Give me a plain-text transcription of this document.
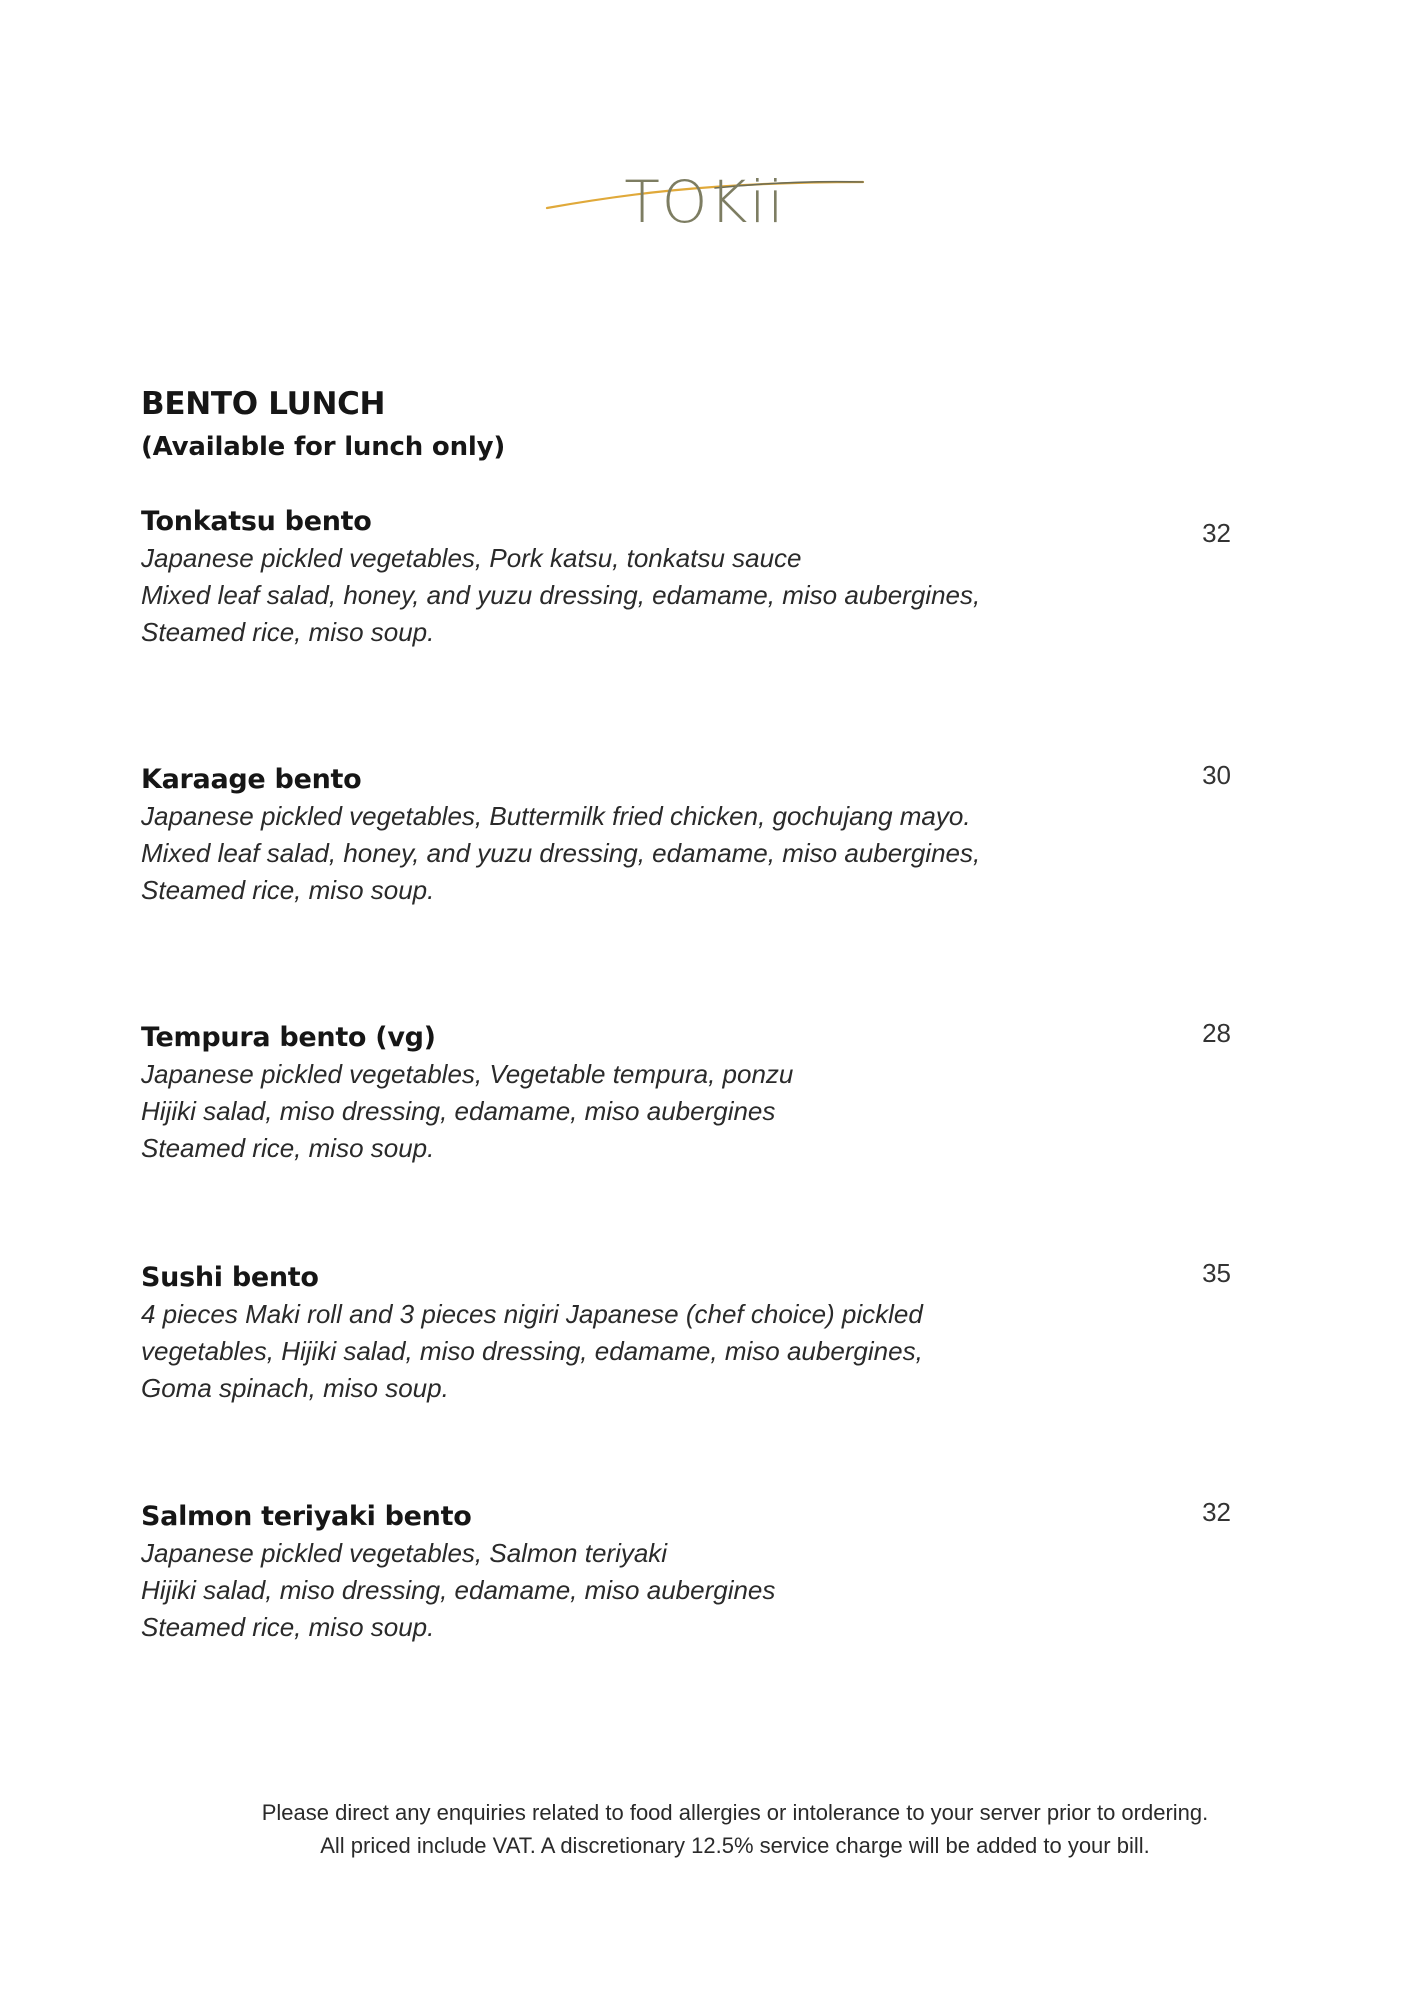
TOKii
BENTO LUNCH
(Available for lunch only)
Tonkatsu bento	32
Japanese pickled vegetables, Pork katsu, tonkatsu sauce
Mixed leaf salad, honey, and yuzu dressing, edamame, miso aubergines,
Steamed rice, miso soup.
Karaage bento	30
Japanese pickled vegetables, Buttermilk fried chicken, gochujang mayo.
Mixed leaf salad, honey, and yuzu dressing, edamame, miso aubergines,
Steamed rice, miso soup.
Tempura bento (vg)	28
Japanese pickled vegetables, Vegetable tempura, ponzu
Hijiki salad, miso dressing, edamame, miso aubergines
Steamed rice, miso soup.
Sushi bento	35
4 pieces Maki roll and 3 pieces nigiri Japanese (chef choice) pickled
vegetables, Hijiki salad, miso dressing, edamame, miso aubergines,
Goma spinach, miso soup.
Salmon teriyaki bento	32
Japanese pickled vegetables, Salmon teriyaki
Hijiki salad, miso dressing, edamame, miso aubergines
Steamed rice, miso soup.
Please direct any enquiries related to food allergies or intolerance to your server prior to ordering.
All priced include VAT. A discretionary 12.5% service charge will be added to your bill.
